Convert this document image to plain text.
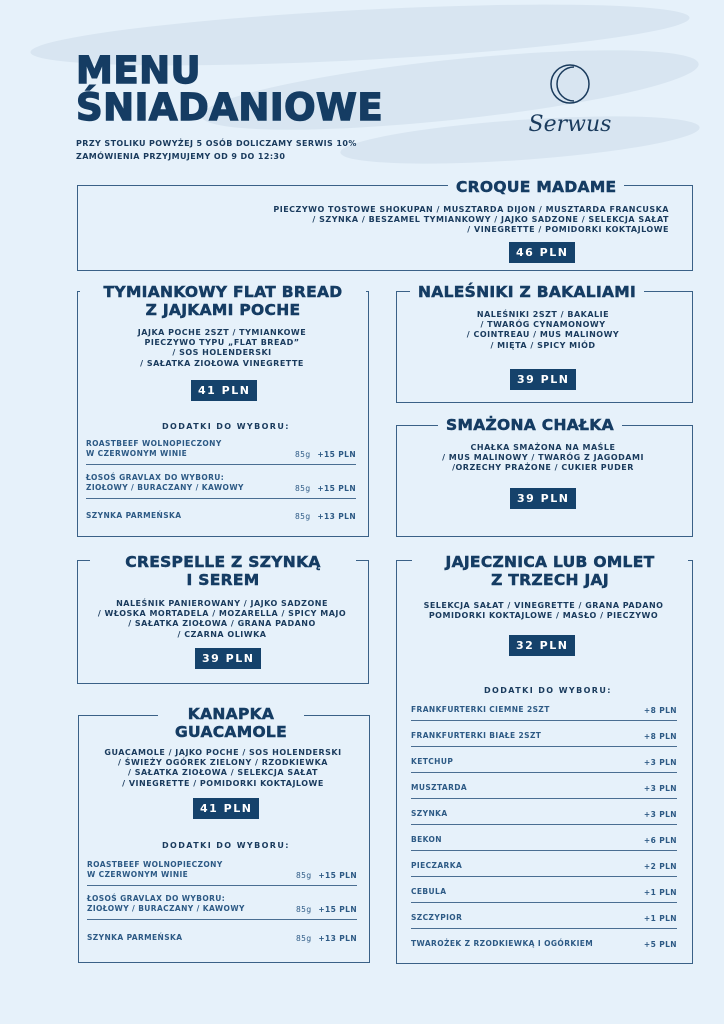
MENU
ŚNIADANIOWE
PRZY STOLIKU POWYŻEJ 5 OSÓB DOLICZAMY SERWIS 10%
ZAMÓWIENIA PRZYJMUJEMY OD 9 DO 12:30
Serwus
CROQUE MADAME
PIECZYWO TOSTOWE SHOKUPAN / MUSZTARDA DIJON / MUSZTARDA FRANCUSKA
/ SZYNKA / BESZAMEL TYMIANKOWY / JAJKO SADZONE / SELEKCJA SAŁAT
/ VINEGRETTE / POMIDORKI KOKTAJLOWE
46 PLN
TYMIANKOWY FLAT BREAD
Z JAJKAMI POCHE
JAJKA POCHE 2SZT / TYMIANKOWE
PIECZYWO TYPU „FLAT BREAD”
/ SOS HOLENDERSKI
/ SAŁATKA ZIOŁOWA VINEGRETTE
41 PLN
DODATKI DO WYBORU:
ROASTBEEF WOLNOPIECZONY
W CZERWONYM WINIE	85g +15 PLN
ŁOSOŚ GRAVLAX DO WYBORU:
ZIOŁOWY / BURACZANY / KAWOWY	85g +15 PLN
SZYNKA PARMEŃSKA	85g +13 PLN
NALEŚNIKI Z BAKALIAMI
NALEŚNIKI 2SZT / BAKALIE
/ TWARÓG CYNAMONOWY
/ COINTREAU / MUS MALINOWY
/ MIĘTA / SPICY MIÓD
39 PLN
SMAŻONA CHAŁKA
CHAŁKA SMAŻONA NA MAŚLE
/ MUS MALINOWY / TWARÓG Z JAGODAMI
/ORZECHY PRAŻONE / CUKIER PUDER
39 PLN
CRESPELLE Z SZYNKĄ
I SEREM
NALEŚNIK PANIEROWANY / JAJKO SADZONE
/ WŁOSKA MORTADELA / MOZARELLA / SPICY MAJO
/ SAŁATKA ZIOŁOWA / GRANA PADANO
/ CZARNA OLIWKA
39 PLN
JAJECZNICA LUB OMLET
Z TRZECH JAJ
SELEKCJA SAŁAT / VINEGRETTE / GRANA PADANO
POMIDORKI KOKTAJLOWE / MASŁO / PIECZYWO
32 PLN
DODATKI DO WYBORU:
FRANKFURTERKI CIEMNE 2SZT	+8 PLN
FRANKFURTERKI BIAŁE 2SZT	+8 PLN
KETCHUP	+3 PLN
MUSZTARDA	+3 PLN
SZYNKA	+3 PLN
BEKON	+6 PLN
PIECZARKA	+2 PLN
CEBULA	+1 PLN
SZCZYPIOR	+1 PLN
TWAROŻEK Z RZODKIEWKĄ I OGÓRKIEM	+5 PLN
KANAPKA
GUACAMOLE
GUACAMOLE / JAJKO POCHE / SOS HOLENDERSKI
/ ŚWIEŻY OGÓREK ZIELONY / RZODKIEWKA
/ SAŁATKA ZIOŁOWA / SELEKCJA SAŁAT
/ VINEGRETTE / POMIDORKI KOKTAJLOWE
41 PLN
DODATKI DO WYBORU:
ROASTBEEF WOLNOPIECZONY
W CZERWONYM WINIE	85g +15 PLN
ŁOSOŚ GRAVLAX DO WYBORU:
ZIOŁOWY / BURACZANY / KAWOWY	85g +15 PLN
SZYNKA PARMEŃSKA	85g +13 PLN
